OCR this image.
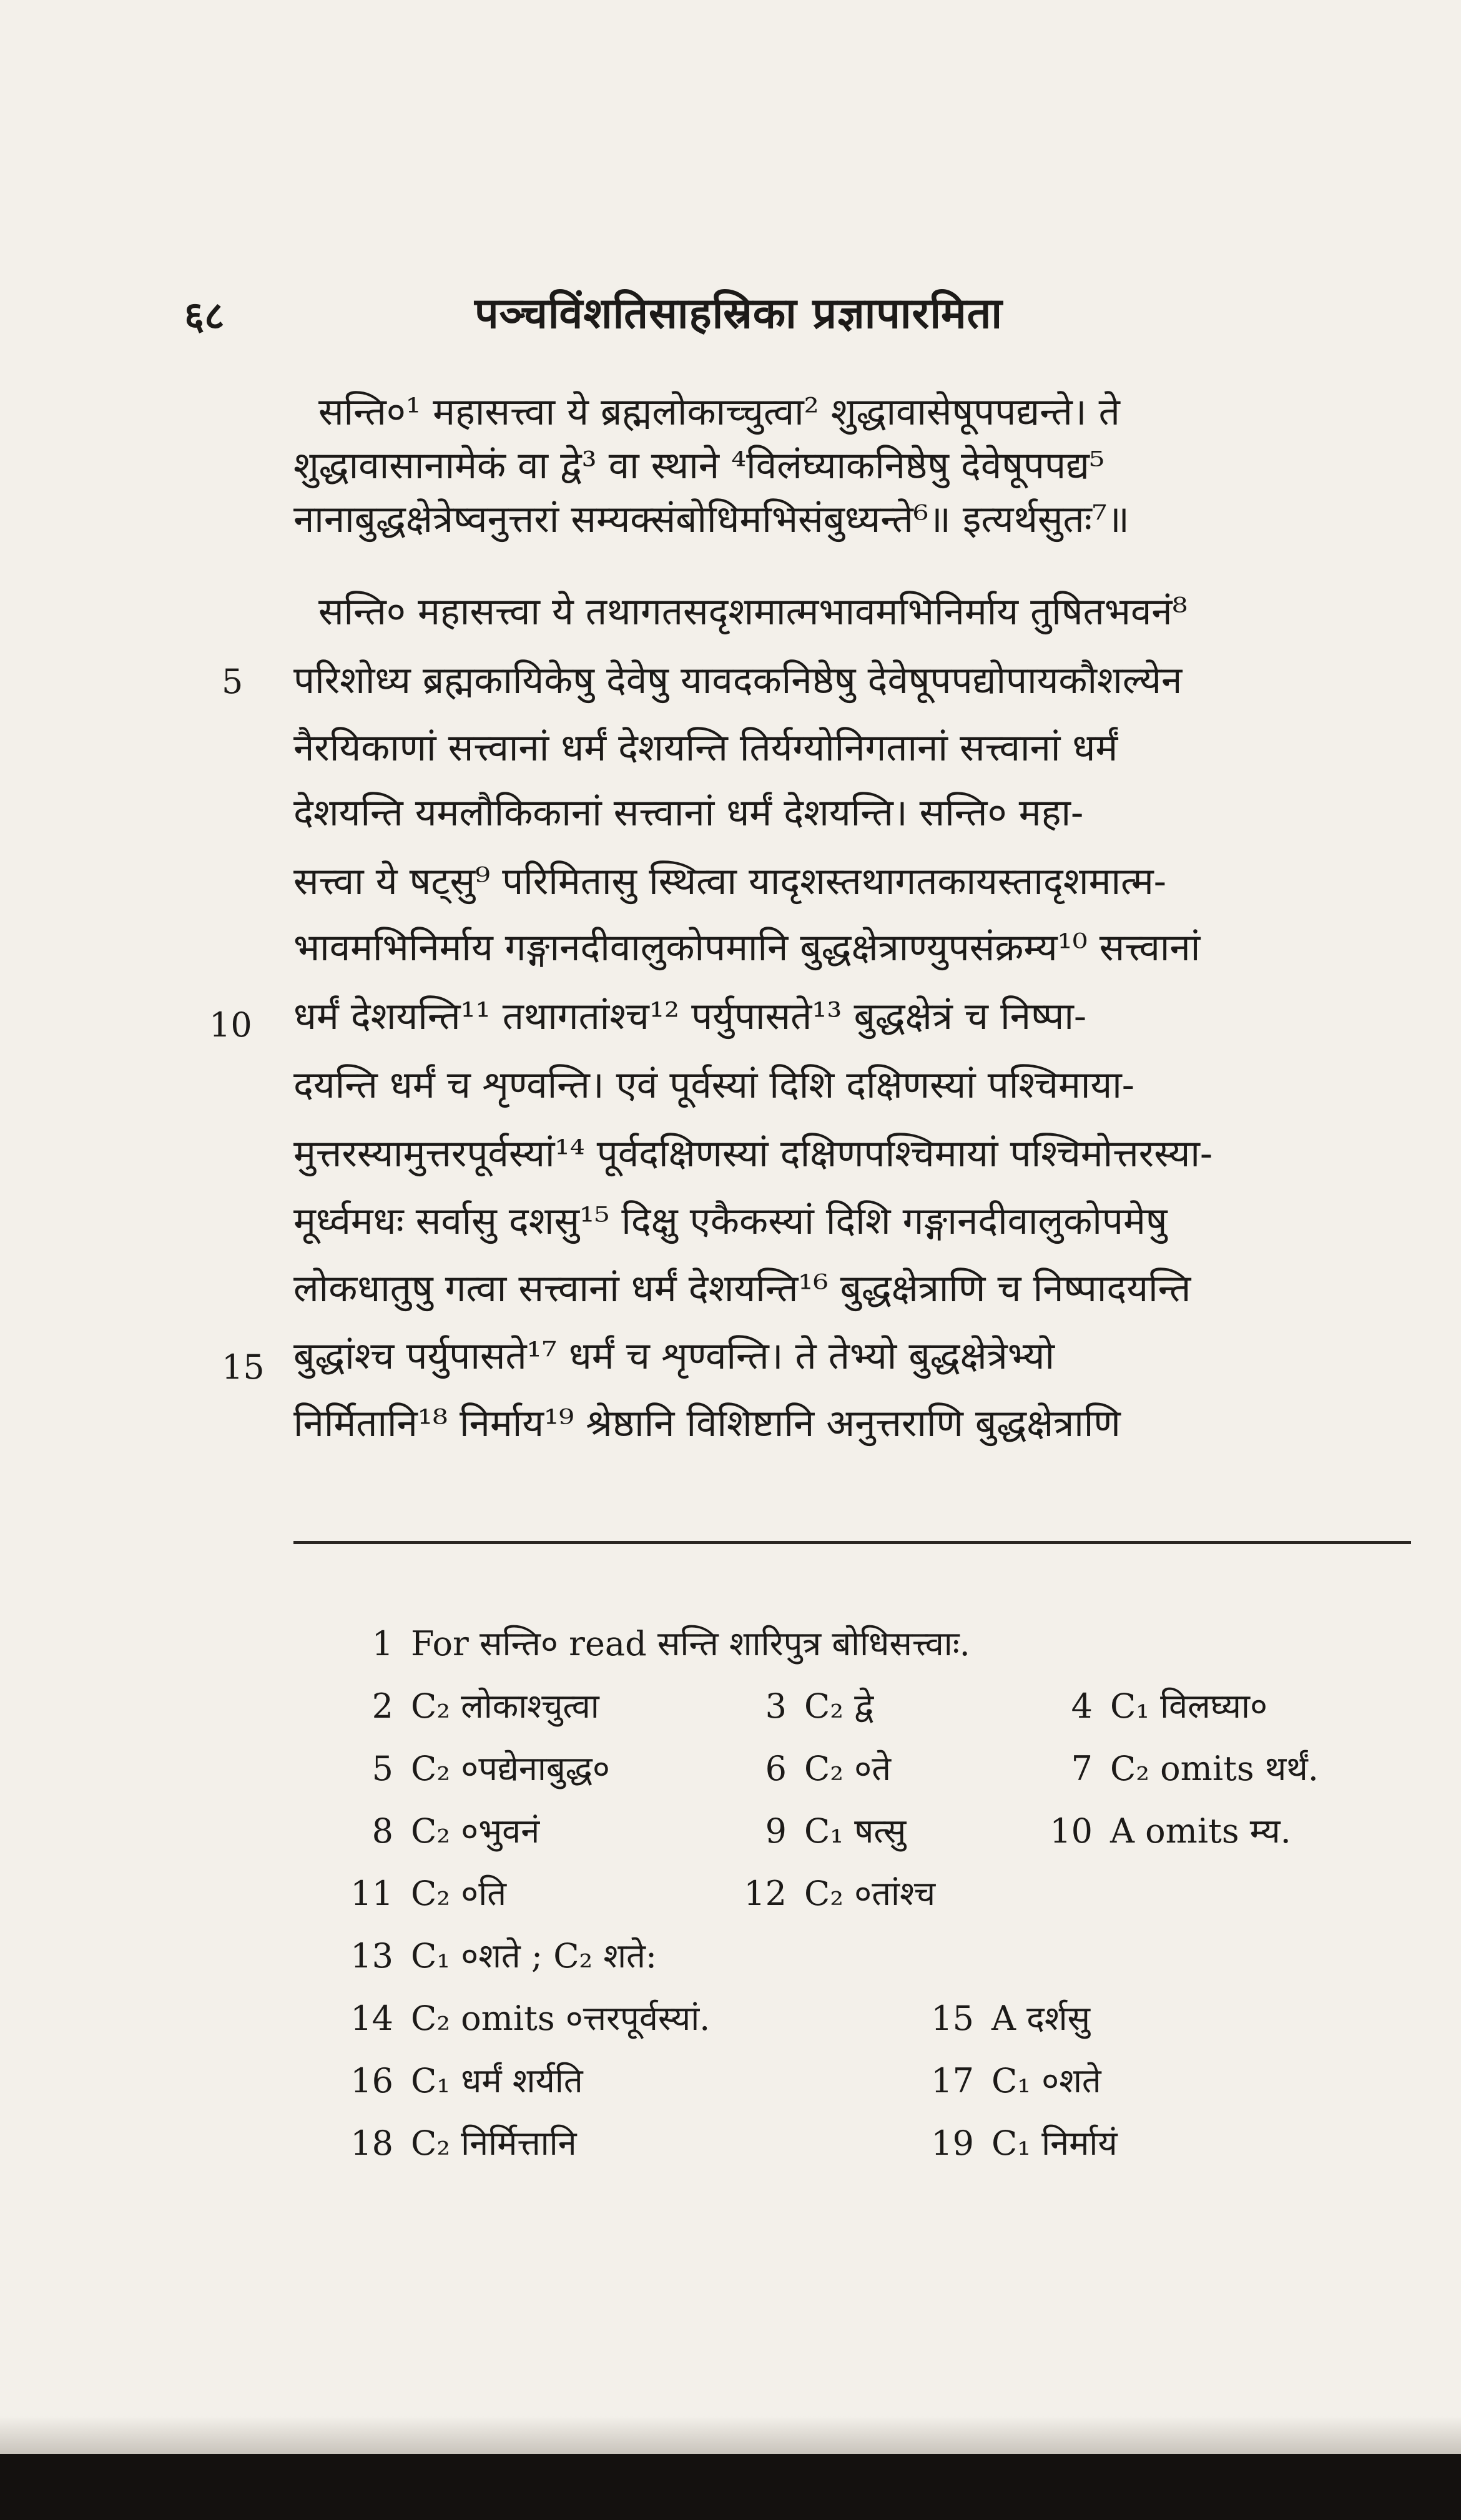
६८	पञ्चविंशतिसाहस्रिका प्रज्ञापारमिता
सन्ति०¹ महासत्त्वा ये ब्रह्मलोकाच्चुत्वा² शुद्धावासेषूपपद्यन्ते। ते
शुद्धावासानामेकं वा द्वे³ वा स्थाने ⁴विलंघ्याकनिष्ठेषु देवेषूपपद्य⁵
नानाबुद्धक्षेत्रेष्वनुत्तरां सम्यक्संबोधिमभिसंबुध्यन्ते⁶॥ इत्यर्थसुतः⁷॥
सन्ति० महासत्त्वा ये तथागतसदृशमात्मभावमभिनिर्माय तुषितभवनं⁸
परिशोध्य ब्रह्मकायिकेषु देवेषु यावदकनिष्ठेषु देवेषूपपद्योपायकौशल्येन
नैरयिकाणां सत्त्वानां धर्मं देशयन्ति तिर्यग्योनिगतानां सत्त्वानां धर्मं
देशयन्ति यमलौकिकानां सत्त्वानां धर्मं देशयन्ति। सन्ति० महा-
सत्त्वा ये षट्सु⁹ परिमितासु स्थित्वा यादृशस्तथागतकायस्तादृशमात्म-
भावमभिनिर्माय गङ्गानदीवालुकोपमानि बुद्धक्षेत्राण्युपसंक्रम्य¹⁰ सत्त्वानां
धर्मं देशयन्ति¹¹ तथागतांश्च¹² पर्युपासते¹³ बुद्धक्षेत्रं च निष्पा-
दयन्ति धर्मं च शृण्वन्ति। एवं पूर्वस्यां दिशि दक्षिणस्यां पश्चिमाया-
मुत्तरस्यामुत्तरपूर्वस्यां¹⁴ पूर्वदक्षिणस्यां दक्षिणपश्चिमायां पश्चिमोत्तरस्या-
मूर्ध्वमधः सर्वासु दशसु¹⁵ दिक्षु एकैकस्यां दिशि गङ्गानदीवालुकोपमेषु
लोकधातुषु गत्वा सत्त्वानां धर्मं देशयन्ति¹⁶ बुद्धक्षेत्राणि च निष्पादयन्ति
बुद्धांश्च पर्युपासते¹⁷ धर्मं च शृण्वन्ति। ते तेभ्यो बुद्धक्षेत्रेभ्यो
निर्मितानि¹⁸ निर्माय¹⁹ श्रेष्ठानि विशिष्टानि अनुत्तराणि बुद्धक्षेत्राणि
5
10
15
1 For सन्ति० read सन्ति शारिपुत्र बोधिसत्त्वाः.
2 C₂ लोकाश्चुत्वा	3 C₂ द्वे	4 C₁ विलघ्या०
5 C₂ ०पद्येनाबुद्ध०	6 C₂ ०ते	7 C₂ omits थर्थं.
8 C₂ ०भुवनं	9 C₁ षत्सु	10 A omits म्य.
11 C₂ ०ति	12 C₂ ०तांश्च
13 C₁ ०शते ; C₂ शते:
14 C₂ omits ०त्तरपूर्वस्यां.	15 A दर्शसु
16 C₁ धर्मं शर्यति	17 C₁ ०शते
18 C₂ निर्मित्तानि	19 C₁ निर्मायं
